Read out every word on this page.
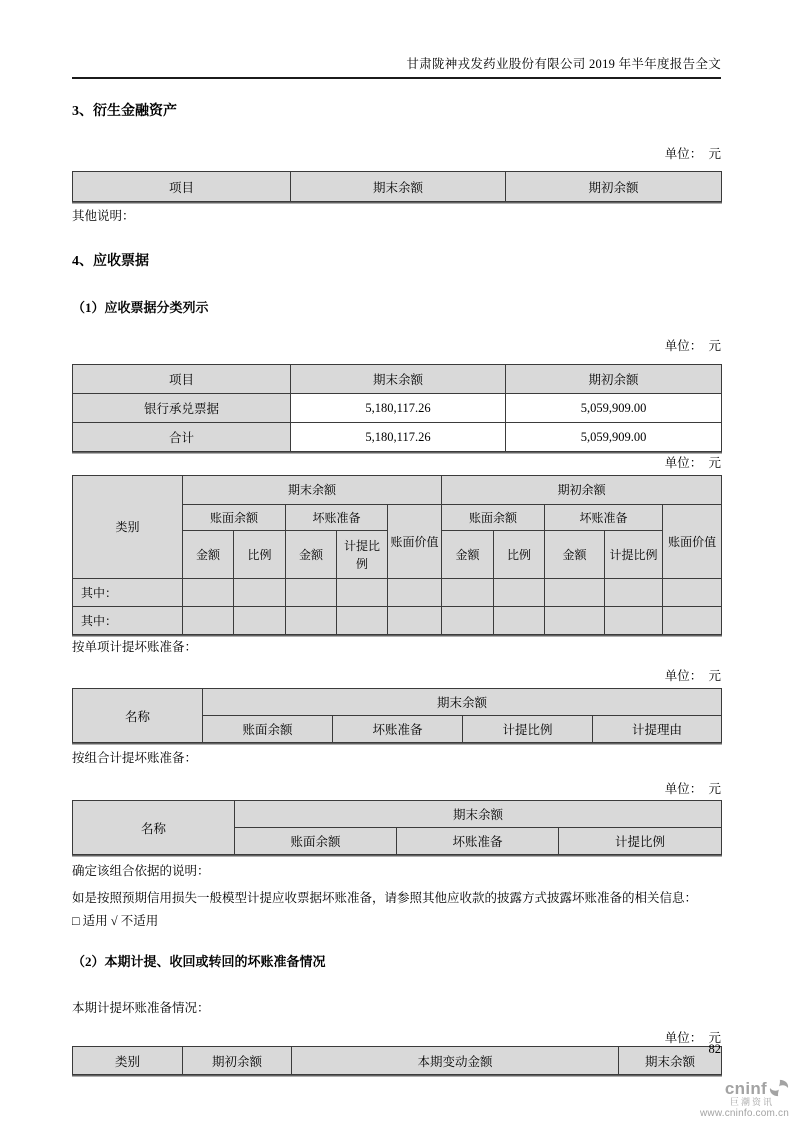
甘肃陇神戎发药业股份有限公司 2019 年半年度报告全文
3、衍生金融资产
单位：  元
项目	期末余额	期初余额
其他说明：
4、应收票据
（1）应收票据分类列示
单位：  元
项目	期末余额	期初余额
银行承兑票据	5,180,117.26	5,059,909.00
合计	5,180,117.26	5,059,909.00
单位：  元
类别	期末余额					期初余额				
	账面余额		坏账准备		账面价值	账面余额		坏账准备		账面价值
	金额	比例	金额	计提比例		金额	比例	金额	计提比例	
其中：										
其中：										
按单项计提坏账准备：
单位：  元
名称	期末余额			
	账面余额	坏账准备	计提比例	计提理由
按组合计提坏账准备：
单位：  元
名称	期末余额		
	账面余额	坏账准备	计提比例
确定该组合依据的说明：
如是按照预期信用损失一般模型计提应收票据坏账准备，请参照其他应收款的披露方式披露坏账准备的相关信息：
□ 适用 √ 不适用
（2）本期计提、收回或转回的坏账准备情况
本期计提坏账准备情况：
单位：  元
类别	期初余额	本期变动金额	期末余额
82
cninf
巨潮资讯
www.cninfo.com.cn
